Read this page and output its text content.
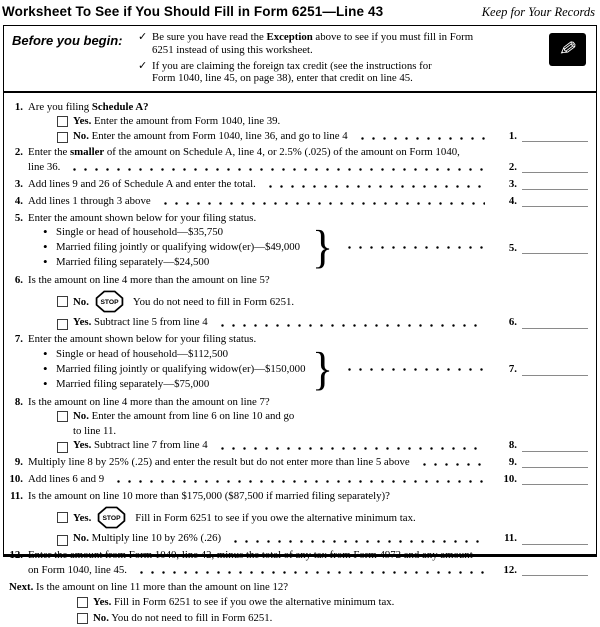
Worksheet To See if You Should Fill in Form 6251—Line 43	Keep for Your Records
Before you begin:	✓ Be sure you have read the Exception above to see if you must fill in Form
6251 instead of using this worksheet.
✓ If you are claiming the foreign tax credit (see the instructions for
Form 1040, line 45, on page 38), enter that credit on line 45.
✎
1. Are you filing Schedule A?
Yes. Enter the amount from Form 1040, line 39.
No. Enter the amount from Form 1040, line 36, and go to line 4	1.
2. Enter the smaller of the amount on Schedule A, line 4, or 2.5% (.025) of the amount on Form 1040,
line 36.	2.
3. Add lines 9 and 26 of Schedule A and enter the total.	3.
4. Add lines 1 through 3 above	4.
5. Enter the amount shown below for your filing status.
•
Single or head of household—$35,750
•
Married filing jointly or qualifying widow(er)—$49,000
•
Married filing separately—$24,500 }	5.
6. Is the amount on line 4 more than the amount on line 5?
No. STOP You do not need to fill in Form 6251.
Yes. Subtract line 5 from line 4	6.
7. Enter the amount shown below for your filing status.
•
Single or head of household—$112,500
•
Married filing jointly or qualifying widow(er)—$150,000
•
Married filing separately—$75,000 }	7.
8. Is the amount on line 4 more than the amount on line 7?
No. Enter the amount from line 6 on line 10 and go
to line 11.
Yes. Subtract line 7 from line 4	8.
9. Multiply line 8 by 25% (.25) and enter the result but do not enter more than line 5 above	9.
10. Add lines 6 and 9	10.
11. Is the amount on line 10 more than $175,000 ($87,500 if married filing separately)?
Yes. STOP Fill in Form 6251 to see if you owe the alternative minimum tax.
No. Multiply line 10 by 26% (.26)	11.
12. Enter the amount from Form 1040, line 42, minus the total of any tax from Form 4972 and any amount
on Form 1040, line 45.	12.
Next. Is the amount on line 11 more than the amount on line 12?
Yes. Fill in Form 6251 to see if you owe the alternative minimum tax.
No. You do not need to fill in Form 6251.
